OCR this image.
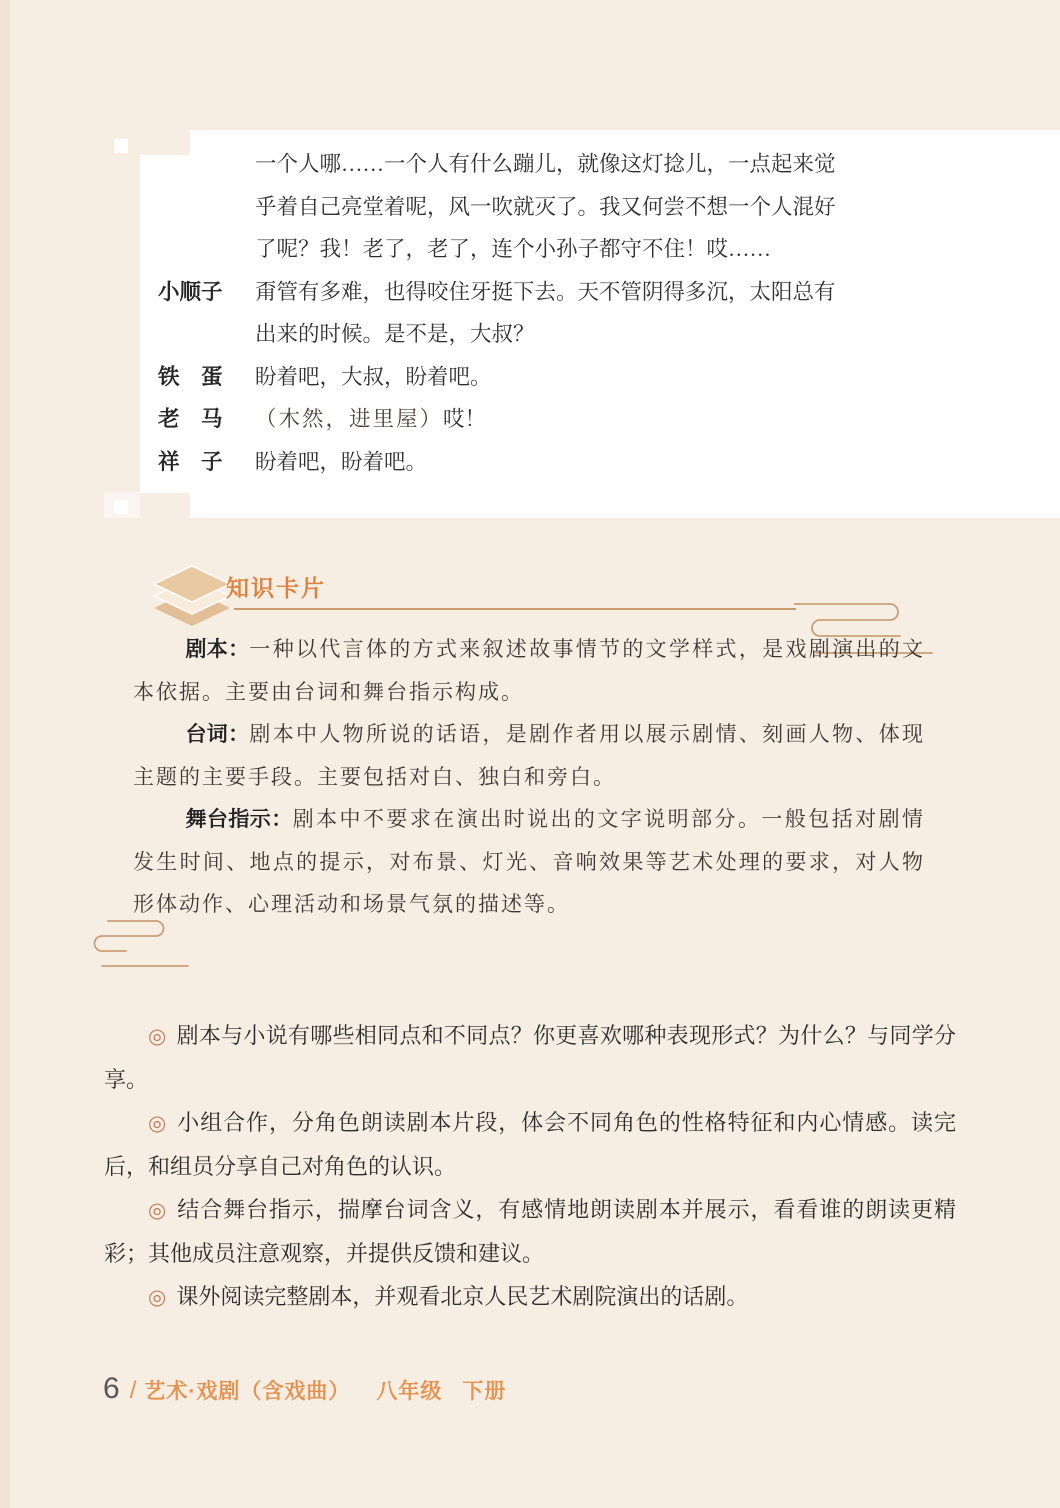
一个人哪……一个人有什么蹦儿，就像这灯捻儿，一点起来觉
乎着自己亮堂着呢，风一吹就灭了。我又何尝不想一个人混好
了呢？我！老了，老了，连个小孙子都守不住！哎……
小顺子	甭管有多难，也得咬住牙挺下去。天不管阴得多沉，太阳总有
出来的时候。是不是，大叔？
铁　蛋	盼着吧，大叔，盼着吧。
老　马	（木然，进里屋）哎！
祥　子	盼着吧，盼着吧。
知识卡片

剧本：一种以代言体的方式来叙述故事情节的文学样式，是戏剧演出的文本依据。主要由台词和舞台指示构成。

台词：剧本中人物所说的话语，是剧作者用以展示剧情、刻画人物、体现主题的主要手段。主要包括对白、独白和旁白。

舞台指示：剧本中不要求在演出时说出的文字说明部分。一般包括对剧情发生时间、地点的提示，对布景、灯光、音响效果等艺术处理的要求，对人物形体动作、心理活动和场景气氛的描述等。

◎ 剧本与小说有哪些相同点和不同点？你更喜欢哪种表现形式？为什么？与同学分享。

◎ 小组合作，分角色朗读剧本片段，体会不同角色的性格特征和内心情感。读完后，和组员分享自己对角色的认识。

◎ 结合舞台指示，揣摩台词含义，有感情地朗读剧本并展示，看看谁的朗读更精彩；其他成员注意观察，并提供反馈和建议。

◎ 课外阅读完整剧本，并观看北京人民艺术剧院演出的话剧。

6 / 艺术·戏剧（含戏曲） 八年级 下册
